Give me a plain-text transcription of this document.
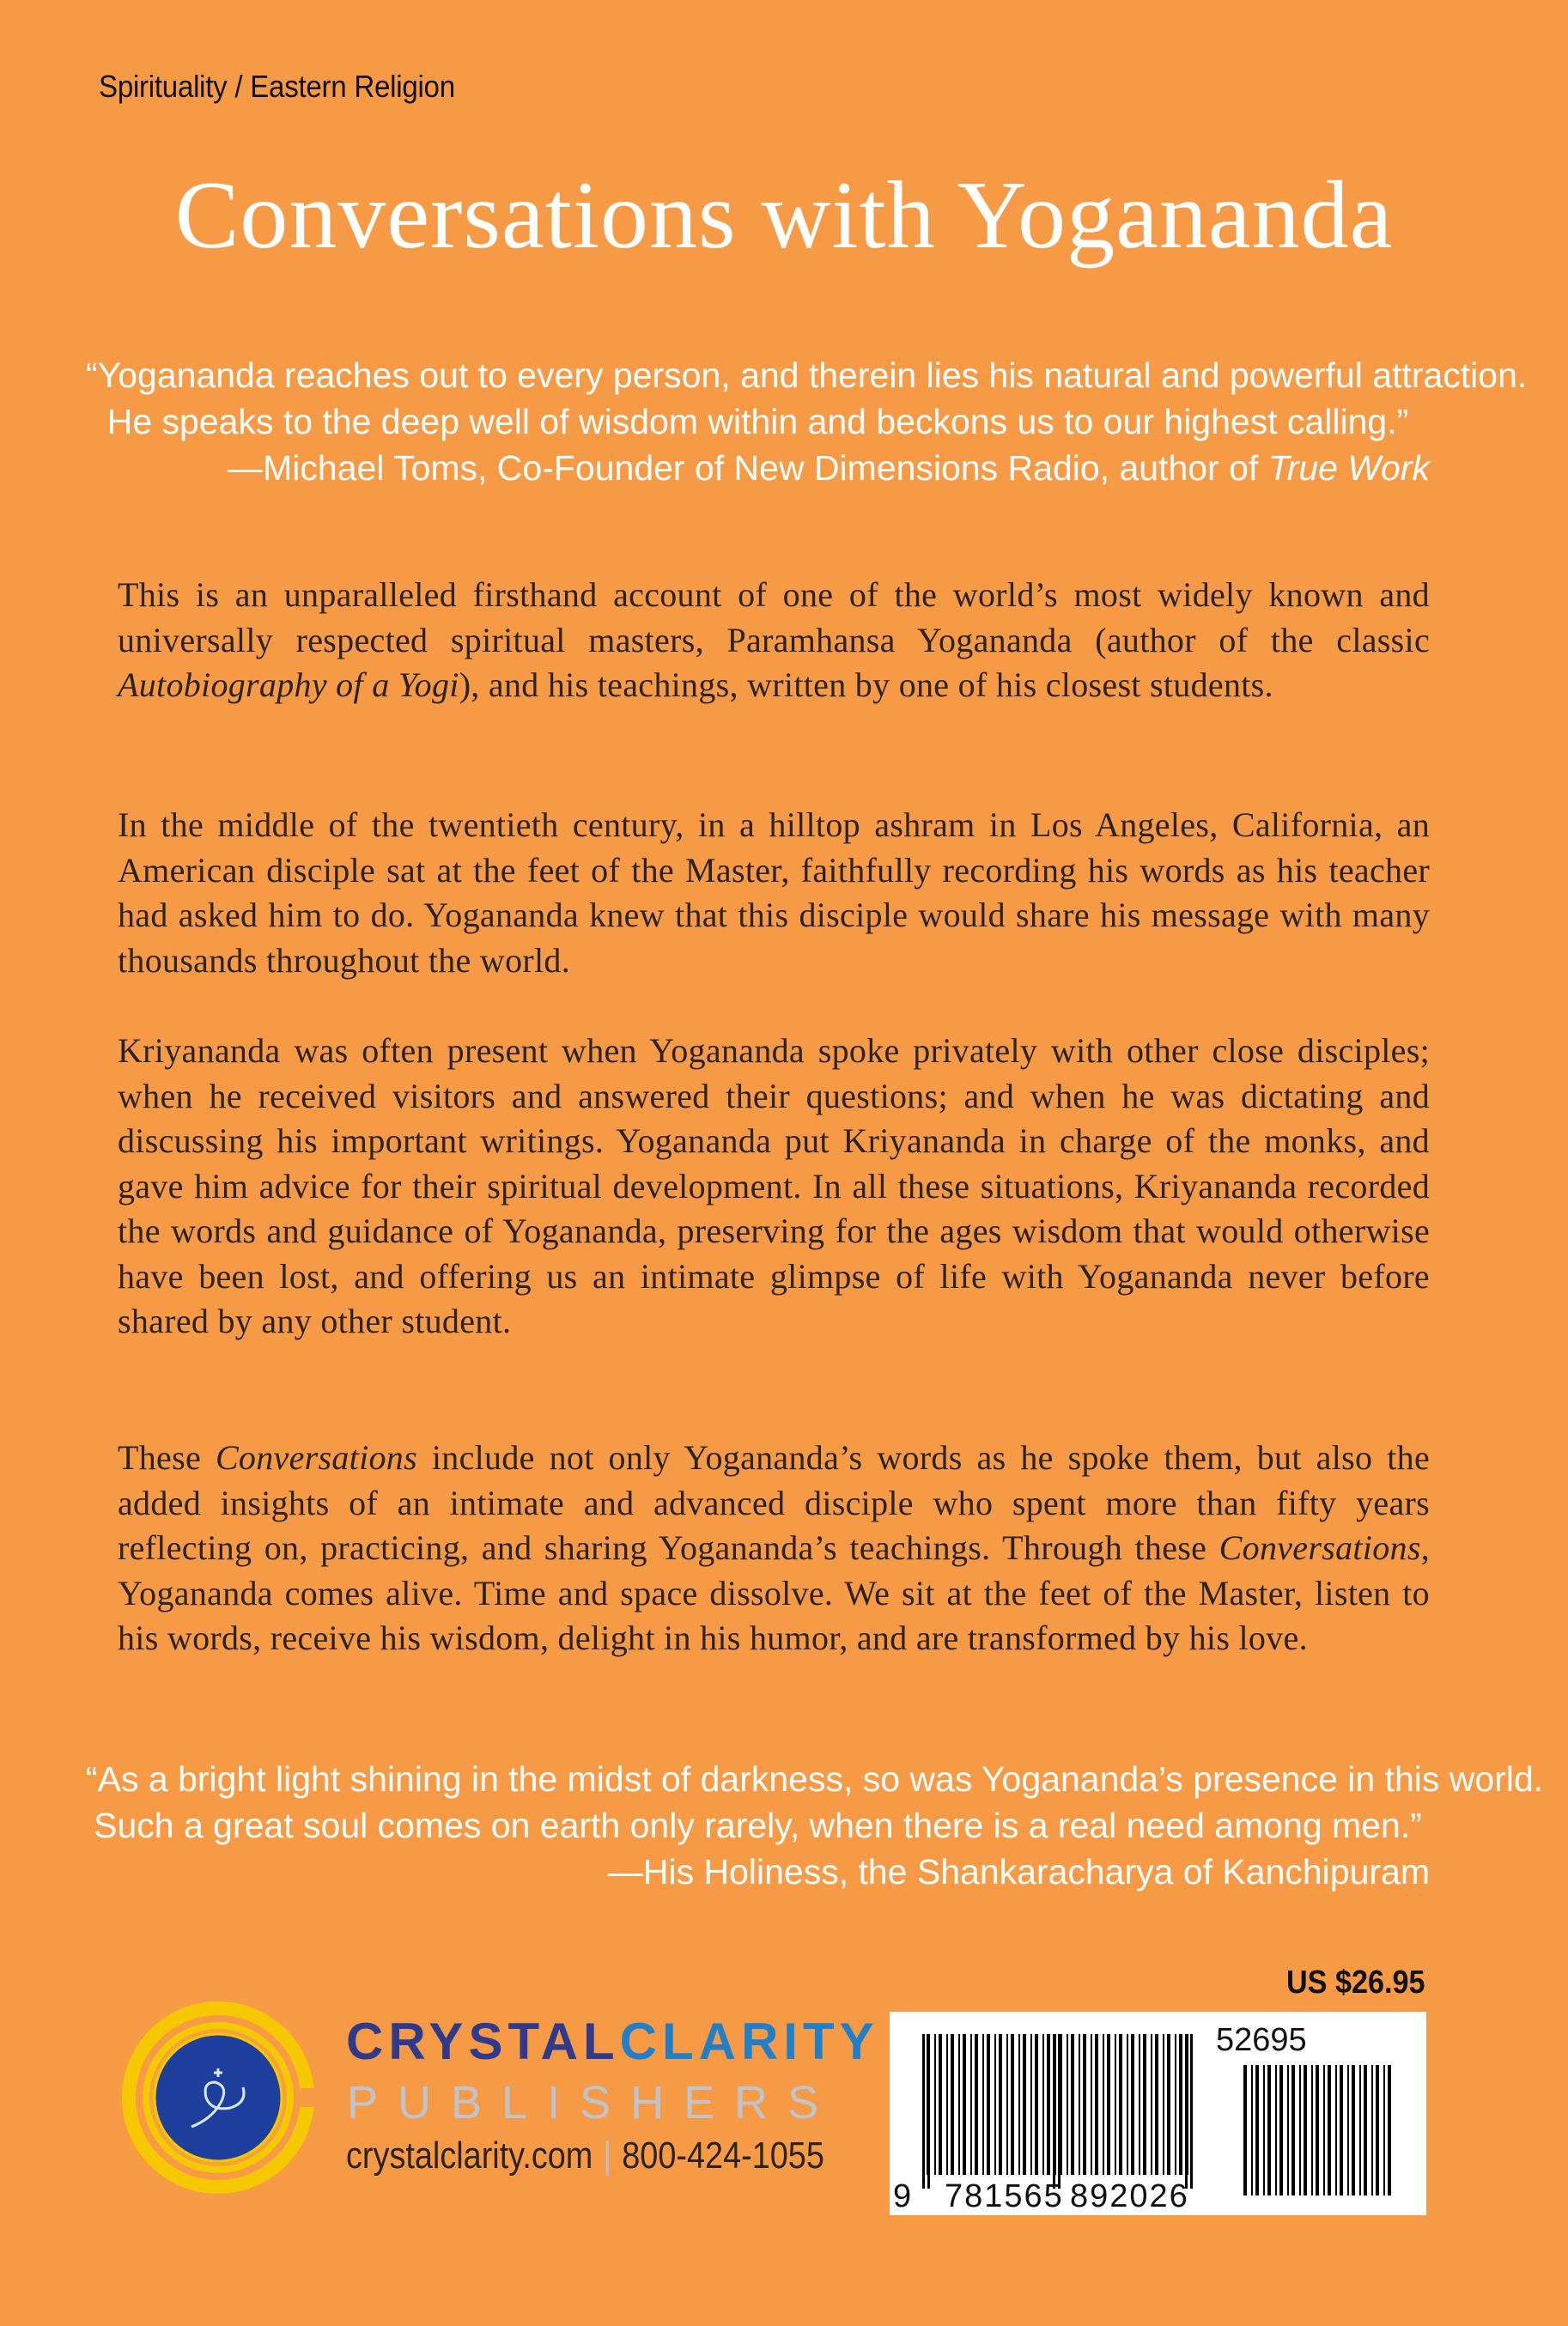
Spirituality / Eastern Religion
Conversations with Yogananda
“Yogananda reaches out to every person, and therein lies his natural and powerful attraction.
He speaks to the deep well of wisdom within and beckons us to our highest calling.”
—Michael Toms, Co-Founder of New Dimensions Radio, author of True Work
This is an unparalleled firsthand account of one of the world’s most widely known and universally respected spiritual masters, Paramhansa Yogananda (author of the classic Autobiography of a Yogi), and his teachings, written by one of his closest students.
In the middle of the twentieth century, in a hilltop ashram in Los Angeles, California, an American disciple sat at the feet of the Master, faithfully recording his words as his teacher had asked him to do. Yogananda knew that this disciple would share his message with many thousands throughout the world.
Kriyananda was often present when Yogananda spoke privately with other close disciples; when he received visitors and answered their questions; and when he was dictating and discussing his important writings. Yogananda put Kriyananda in charge of the monks, and gave him advice for their spiritual development. In all these situations, Kriyananda recorded the words and guidance of Yogananda, preserving for the ages wisdom that would otherwise have been lost, and offering us an intimate glimpse of life with Yogananda never before shared by any other student.
These Conversations include not only Yogananda’s words as he spoke them, but also the added insights of an intimate and advanced disciple who spent more than fifty years reflecting on, practicing, and sharing Yogananda’s teachings. Through these Conversations, Yogananda comes alive. Time and space dissolve. We sit at the feet of the Master, listen to his words, receive his wisdom, delight in his humor, and are transformed by his love.
“As a bright light shining in the midst of darkness, so was Yogananda’s presence in this world.
Such a great soul comes on earth only rarely, when there is a real need among men.”
—His Holiness, the Shankaracharya of Kanchipuram
US $26.95
CRYSTALCLARITY
PUBLISHERS
crystalclarity.com | 800-424-1055
52695
9 781565 892026
